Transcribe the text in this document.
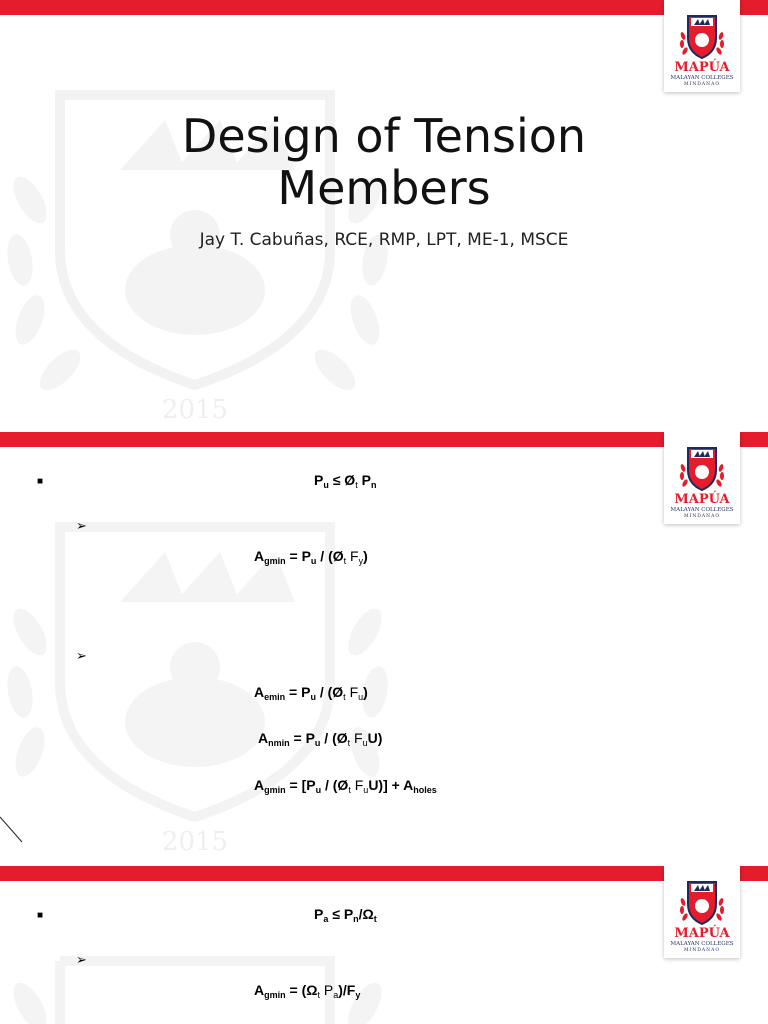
2015
MAPÚA
MALAYAN COLLEGES
MINDANAO
Design of Tension
Members
Jay T. Cabuñas, RCE, RMP, LPT, ME-1, MSCE
2015
MAPÚA
MALAYAN COLLEGES
MINDANAO
■	$P_u$ ≤ $Ø_t$ $P_n$
➢
$A_{gmin} = P_u$ / ($Ø_t$ $F_y$)
➢
$A_{emin} = P_u$ / ($Ø_t$ $F_u$)
$A_{nmin} = P_u$ / ($Ø_t$ $F_uU$)
$A_{gmin} = [P_u$ / ($Ø_t$ $F_uU)] + A_{holes}$
MAPÚA
MALAYAN COLLEGES
MINDANAO
■	$P_a \le P_n/\Omega_t$
➢
$A_{gmin} = (\Omega_t$ $P_a)/F_y$
